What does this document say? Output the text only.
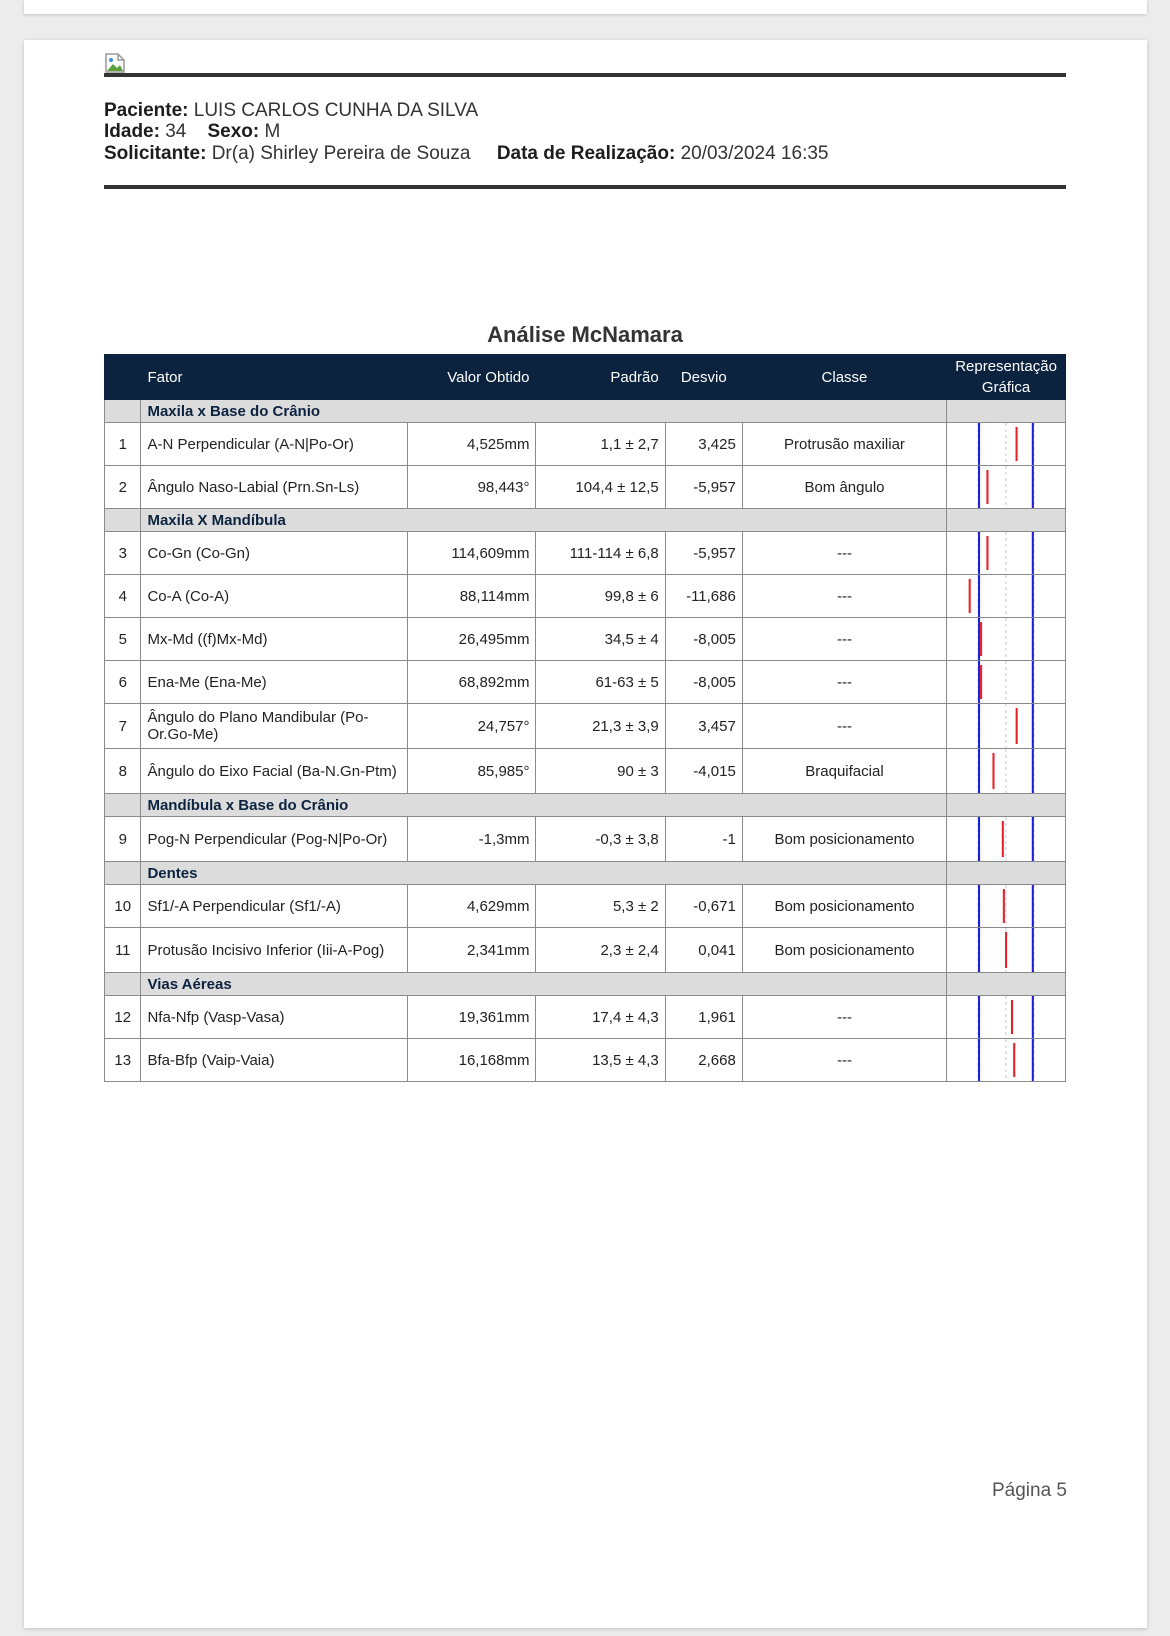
Paciente: LUIS CARLOS CUNHA DA SILVA
Idade: 34 Sexo: M
Solicitante: Dr(a) Shirley Pereira de Souza Data de Realização: 20/03/2024 16:35
Análise McNamara
	Fator	Valor Obtido	Padrão	Desvio	Classe	Representação Gráfica
	Maxila x Base do Crânio					
1	A-N Perpendicular (A-N|Po-Or)	4,525mm	1,1 ± 2,7	3,425	Protrusão maxiliar	

2	Ângulo Naso-Labial (Prn.Sn-Ls)	98,443°	104,4 ± 12,5	-5,957	Bom ângulo	

	Maxila X Mandíbula					
3	Co-Gn (Co-Gn)	114,609mm	111-114 ± 6,8	-5,957	---	

4	Co-A (Co-A)	88,114mm	99,8 ± 6	-11,686	---	

5	Mx-Md ((f)Mx-Md)	26,495mm	34,5 ± 4	-8,005	---	

6	Ena-Me (Ena-Me)	68,892mm	61-63 ± 5	-8,005	---	

7	Ângulo do Plano Mandibular (Po-Or.Go-Me)	24,757°	21,3 ± 3,9	3,457	---	

8	Ângulo do Eixo Facial (Ba-N.Gn-Ptm)	85,985°	90 ± 3	-4,015	Braquifacial	

	Mandíbula x Base do Crânio					
9	Pog-N Perpendicular (Pog-N|Po-Or)	-1,3mm	-0,3 ± 3,8	-1	Bom posicionamento	

	Dentes					
10	Sf1/-A Perpendicular (Sf1/-A)	4,629mm	5,3 ± 2	-0,671	Bom posicionamento	

11	Protusão Incisivo Inferior (Iii-A-Pog)	2,341mm	2,3 ± 2,4	0,041	Bom posicionamento	

	Vias Aéreas					
12	Nfa-Nfp (Vasp-Vasa)	19,361mm	17,4 ± 4,3	1,961	---	

13	Bfa-Bfp (Vaip-Vaia)	16,168mm	13,5 ± 4,3	2,668	---	
Página 5
